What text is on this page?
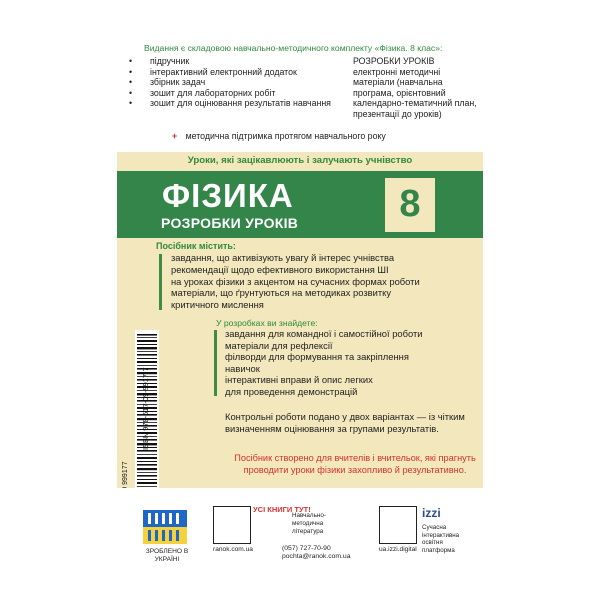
Видання є складовою навчально-методичного комплекту «Фізика. 8 клас»:
• підручник
• інтерактивний електронний додаток
• збірник задач
• зошит для лабораторних робіт
• зошит для оцінювання результатів навчання
РОЗРОБКИ УРОКІВ
електронні методичні матеріали (навчальна програма, орієнтовний календарно-тематичний план, презентації до уроків)
+ методична підтримка протягом навчального року
Уроки, які зацікавлюють і залучають учнівство
ФІЗИКА
РОЗРОБКИ УРОКІВ	8
Посібник містить:
завдання, що активізують увагу й інтерес учнівства
рекомендації щодо ефективного використання ШІ
на уроках фізики з акцентом на сучасних формах роботи
матеріали, що ґрунтуються на методиках розвитку
критичного мислення
У розробках ви знайдете:
завдання для командної і самостійної роботи
матеріали для рефлексії
філворди для формування та закріплення
навичок
інтерактивні вправи й опис легких
для проведення демонстрацій
Контрольні роботи подано у двох варіантах — із чітким визначенням оцінювання за групами результатів.
Посібник створено для вчителів і вчительок, які прагнуть проводити уроки фізики захопливо й результативно.
ISBN 978-617-09-9917-7
ЗРОБЛЕНО В УКРАЇНІ
ranok.com.ua
УСІ КНИГИ ТУТ!
Навчально-методична література
(057) 727-70-90
pochta@ranok.com.ua
ua.izzi.digital
izzi
Сучасна інтерактивна освітня платформа
